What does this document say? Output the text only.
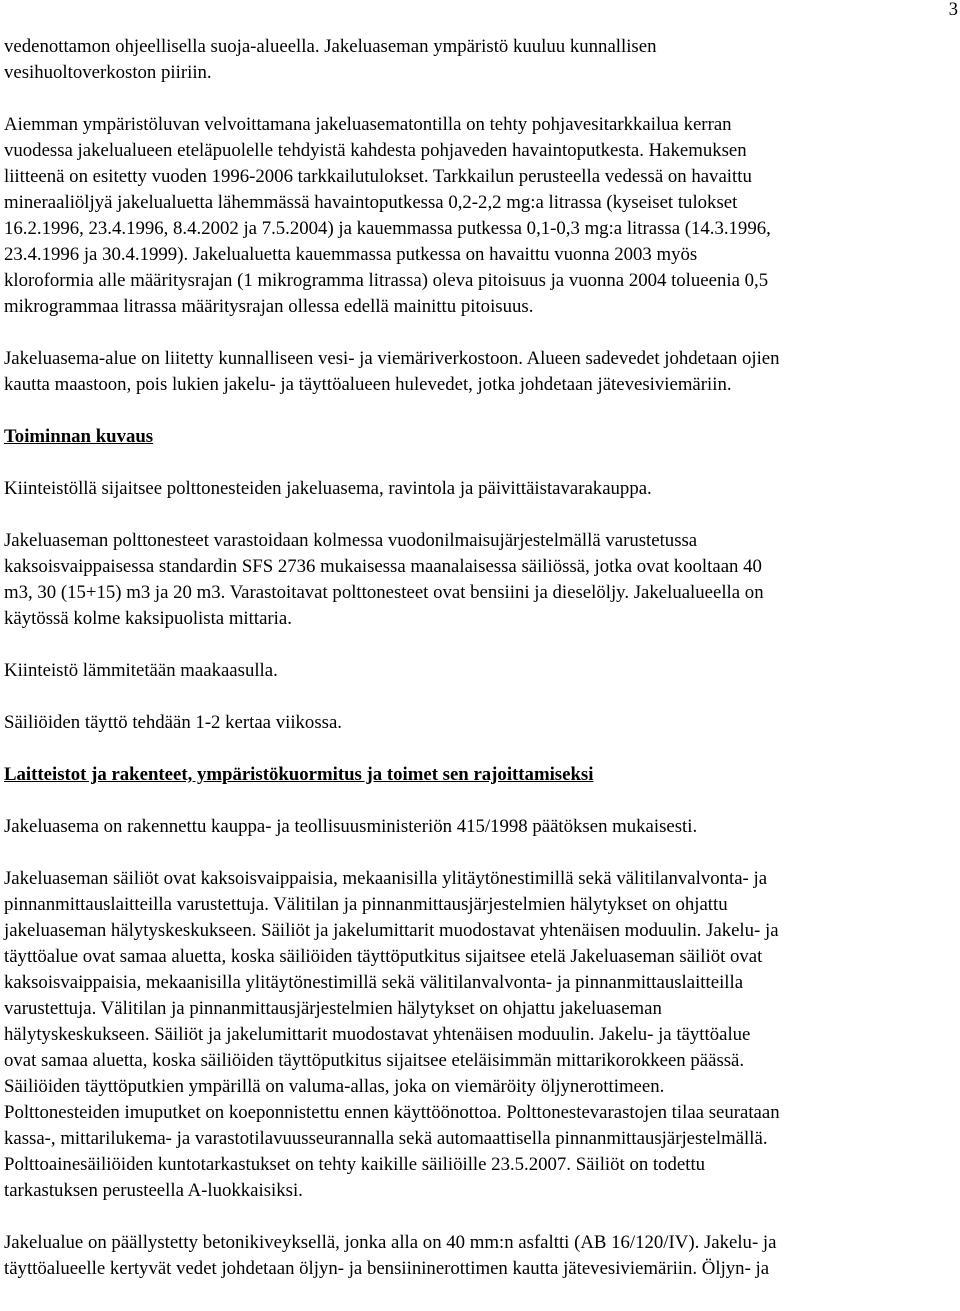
3

vedenottamon ohjeellisella suoja-alueella. Jakeluaseman ympäristö kuuluu kunnallisen
vesihuoltoverkoston piiriin.

Aiemman ympäristöluvan velvoittamana jakeluasematontilla on tehty pohjavesitarkkailua kerran
vuodessa jakelualueen eteläpuolelle tehdyistä kahdesta pohjaveden havaintoputkesta. Hakemuksen
liitteenä on esitetty vuoden 1996-2006 tarkkailutulokset. Tarkkailun perusteella vedessä on havaittu
mineraaliöljyä jakelualuetta lähemmässä havaintoputkessa 0,2-2,2 mg:a litrassa (kyseiset tulokset
16.2.1996, 23.4.1996, 8.4.2002 ja 7.5.2004) ja kauemmassa putkessa 0,1-0,3 mg:a litrassa (14.3.1996,
23.4.1996 ja 30.4.1999). Jakelualuetta kauemmassa putkessa on havaittu vuonna 2003 myös
kloroformia alle määritysrajan (1 mikrogramma litrassa) oleva pitoisuus ja vuonna 2004 tolueenia 0,5
mikrogrammaa litrassa määritysrajan ollessa edellä mainittu pitoisuus.

Jakeluasema-alue on liitetty kunnalliseen vesi- ja viemäriverkostoon. Alueen sadevedet johdetaan ojien
kautta maastoon, pois lukien jakelu- ja täyttöalueen hulevedet, jotka johdetaan jätevesiviemäriin.

Toiminnan kuvaus

Kiinteistöllä sijaitsee polttonesteiden jakeluasema, ravintola ja päivittäistavarakauppa.

Jakeluaseman polttonesteet varastoidaan kolmessa vuodonilmaisujärjestelmällä varustetussa
kaksoisvaippaisessa standardin SFS 2736 mukaisessa maanalaisessa säiliössä, jotka ovat kooltaan 40
m3, 30 (15+15) m3 ja 20 m3. Varastoitavat polttonesteet ovat bensiini ja dieselöljy. Jakelualueella on
käytössä kolme kaksipuolista mittaria.

Kiinteistö lämmitetään maakaasulla.

Säiliöiden täyttö tehdään 1-2 kertaa viikossa.

Laitteistot ja rakenteet, ympäristökuormitus ja toimet sen rajoittamiseksi

Jakeluasema on rakennettu kauppa- ja teollisuusministeriön 415/1998 päätöksen mukaisesti.

Jakeluaseman säiliöt ovat kaksoisvaippaisia, mekaanisilla ylitäytönestimillä sekä välitilanvalvonta- ja
pinnanmittauslaitteilla varustettuja. Välitilan ja pinnanmittausjärjestelmien hälytykset on ohjattu
jakeluaseman hälytyskeskukseen. Säiliöt ja jakelumittarit muodostavat yhtenäisen moduulin. Jakelu- ja
täyttöalue ovat samaa aluetta, koska säiliöiden täyttöputkitus sijaitsee etelä Jakeluaseman säiliöt ovat
kaksoisvaippaisia, mekaanisilla ylitäytönestimillä sekä välitilanvalvonta- ja pinnanmittauslaitteilla
varustettuja. Välitilan ja pinnanmittausjärjestelmien hälytykset on ohjattu jakeluaseman
hälytyskeskukseen. Säiliöt ja jakelumittarit muodostavat yhtenäisen moduulin. Jakelu- ja täyttöalue
ovat samaa aluetta, koska säiliöiden täyttöputkitus sijaitsee eteläisimmän mittarikorokkeen päässä.
Säiliöiden täyttöputkien ympärillä on valuma-allas, joka on viemäröity öljynerottimeen.
Polttonesteiden imuputket on koeponnistettu ennen käyttöönottoa. Polttonestevarastojen tilaa seurataan
kassa-, mittarilukema- ja varastotilavuusseurannalla sekä automaattisella pinnanmittausjärjestelmällä.
Polttoainesäiliöiden kuntotarkastukset on tehty kaikille säiliöille 23.5.2007. Säiliöt on todettu
tarkastuksen perusteella A-luokkaisiksi.

Jakelualue on päällystetty betonikiveyksellä, jonka alla on 40 mm:n asfaltti (AB 16/120/IV). Jakelu- ja
täyttöalueelle kertyvät vedet johdetaan öljyn- ja bensiininerottimen kautta jätevesiviemäriin. Öljyn- ja
